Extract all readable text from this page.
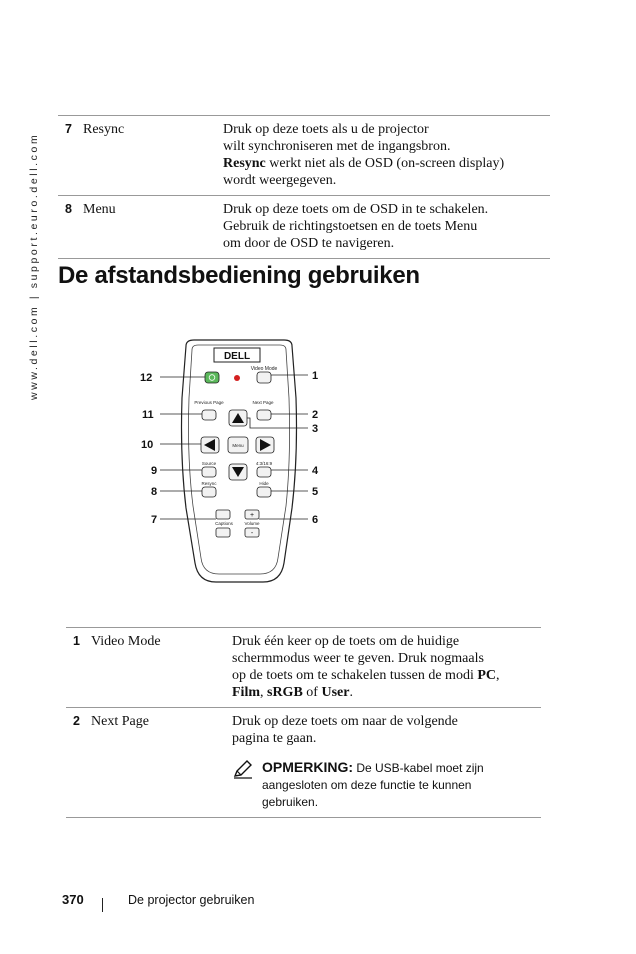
www.dell.com | support.euro.dell.com
7	Resync	Druk op deze toets als u de projector
wilt synchroniseren met de ingangsbron.
Resync werkt niet als de OSD (on-screen display)
wordt weergegeven.
8	Menu	Druk op deze toets om de OSD in te schakelen.
Gebruik de richtingstoetsen en de toets Menu
om door de OSD te navigeren.
De afstandsbediening gebruiken
DELL
Video Mode
Previous Page	Next Page
Menu
Source	4:3/16:9
Resync	Hide
+
Captions	Volume
-
12
11
10
9
8
7
1
2
3
4
5
6
1	Video Mode	Druk één keer op de toets om de huidige
schermmodus weer te geven. Druk nogmaals
op de toets om te schakelen tussen de modi PC,
Film, sRGB of User.
2	Next Page	Druk op deze toets om naar de volgende
pagina te gaan.
OPMERKING: De USB-kabel moet zijn
aangesloten om deze functie te kunnen
gebruiken.
370	De projector gebruiken
